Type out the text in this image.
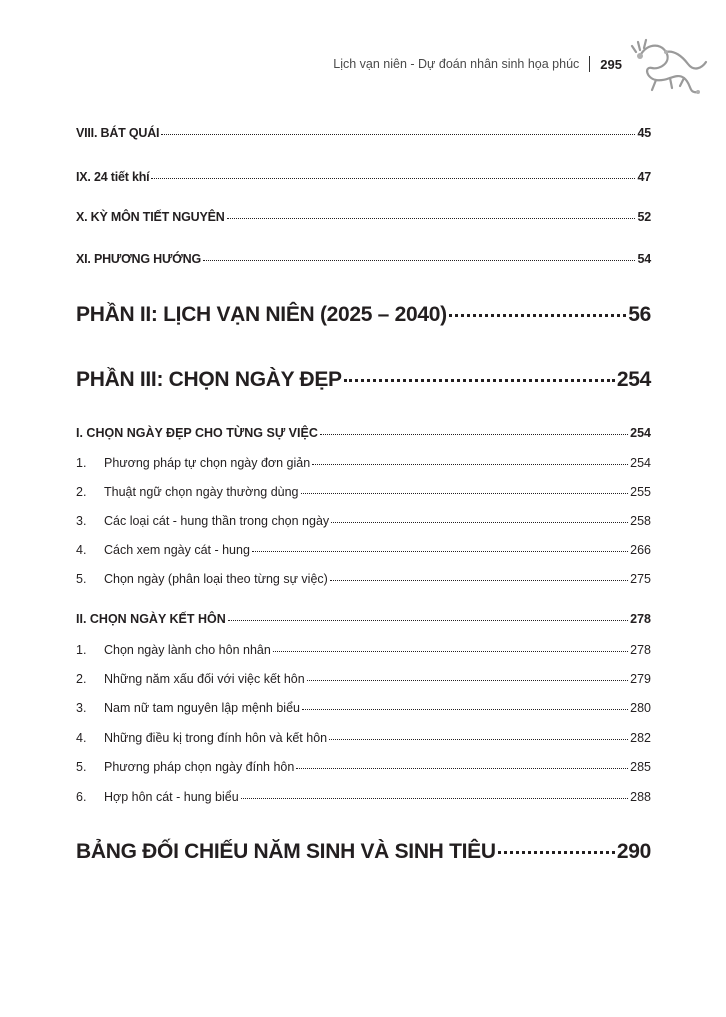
Lịch vạn niên - Dự đoán nhân sinh họa phúc 295
VIII. BÁT QUÁI	45
IX. 24 tiết khí	47
X. KỲ MÔN TIẾT NGUYÊN	52
XI. PHƯƠNG HƯỚNG	54
PHẦN II: LỊCH VẠN NIÊN (2025 – 2040)	56
PHẦN III: CHỌN NGÀY ĐẸP	254
I. CHỌN NGÀY ĐẸP CHO TỪNG SỰ VIỆC	254
1.	Phương pháp tự chọn ngày đơn giản	254
2.	Thuật ngữ chọn ngày thường dùng	255
3.	Các loại cát - hung thần trong chọn ngày	258
4.	Cách xem ngày cát - hung	266
5.	Chọn ngày (phân loại theo từng sự việc)	275
II. CHỌN NGÀY KẾT HÔN	278
1.	Chọn ngày lành cho hôn nhân	278
2.	Những năm xấu đối với việc kết hôn	279
3.	Nam nữ tam nguyên lập mệnh biểu	280
4.	Những điều kị trong đính hôn và kết hôn	282
5.	Phương pháp chọn ngày đính hôn	285
6.	Hợp hôn cát - hung biểu	288
BẢNG ĐỐI CHIẾU NĂM SINH VÀ SINH TIÊU	290
